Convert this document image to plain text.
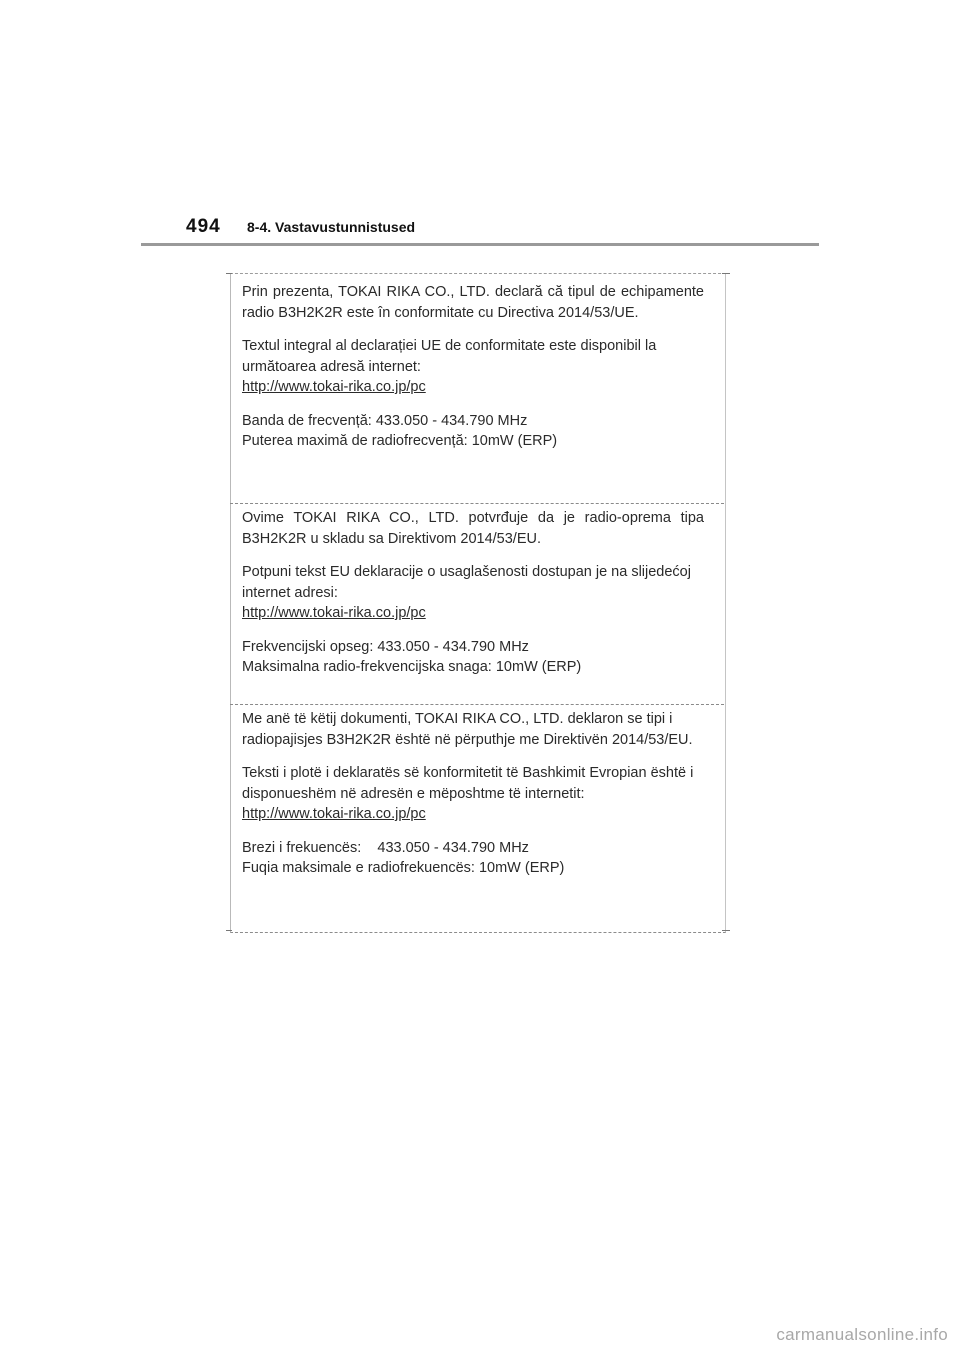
494 8-4. Vastavustunnistused

Prin prezenta, TOKAI RIKA CO., LTD. declară că tipul de echipamente radio B3H2K2R este în conformitate cu Directiva 2014/53/UE.

Textul integral al declarației UE de conformitate este disponibil la următoarea adresă internet:
http://www.tokai-rika.co.jp/pc

Banda de frecvență: 433.050 - 434.790 MHz
Puterea maximă de radiofrecvență: 10mW (ERP)

Ovime TOKAI RIKA CO., LTD. potvrđuje da je radio-oprema tipa B3H2K2R u skladu sa Direktivom 2014/53/EU.

Potpuni tekst EU deklaracije o usaglašenosti dostupan je na slijedećoj internet adresi:
http://www.tokai-rika.co.jp/pc

Frekvencijski opseg: 433.050 - 434.790 MHz
Maksimalna radio-frekvencijska snaga: 10mW (ERP)

Me anë të këtij dokumenti, TOKAI RIKA CO., LTD. deklaron se tipi i radiopajisjes B3H2K2R është në përputhje me Direktivën 2014/53/EU.

Teksti i plotë i deklaratës së konformitetit të Bashkimit Evropian është i disponueshëm në adresën e mëposhtme të internetit:
http://www.tokai-rika.co.jp/pc

Brezi i frekuencës:    433.050 - 434.790 MHz
Fuqia maksimale e radiofrekuencës: 10mW (ERP)

carmanualsonline.info
